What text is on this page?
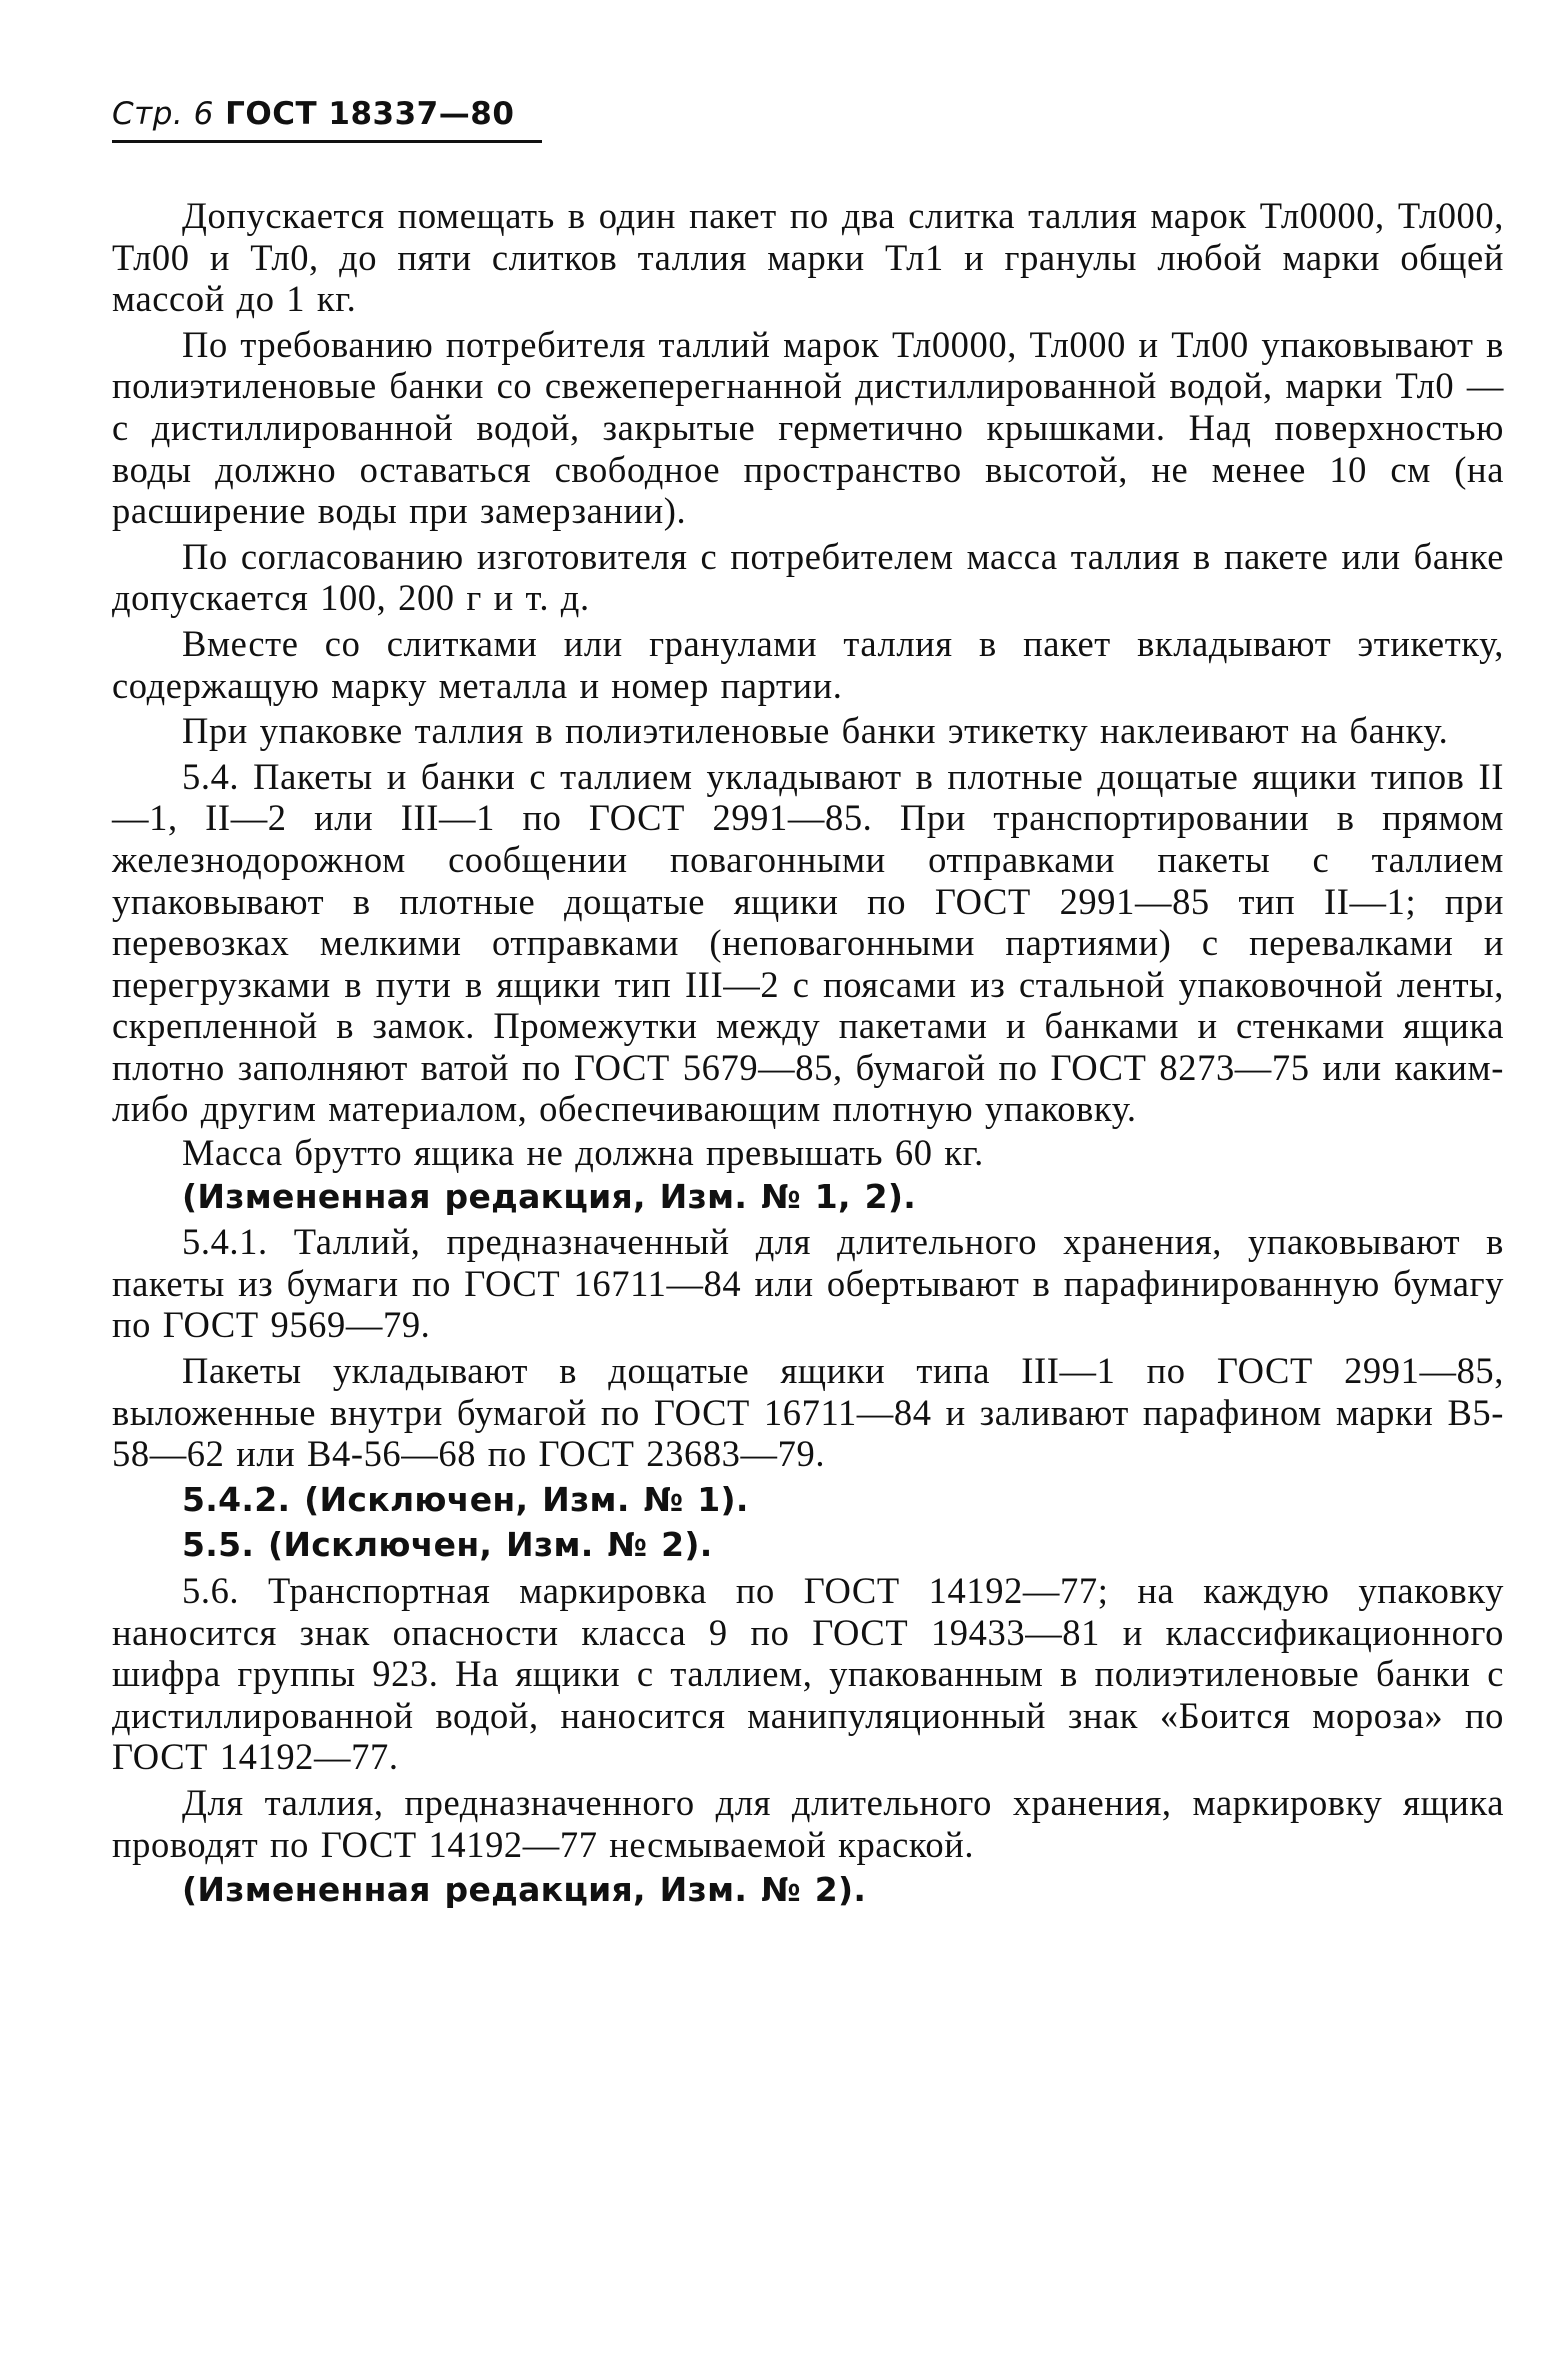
Стр. 6 ГОСТ 18337—80

Допускается помещать в один пакет по два слитка таллия марок Тл0000, Тл000, Тл00 и Тл0, до пяти слитков таллия марки Тл1 и гранулы любой марки общей массой до 1 кг.

По требованию потребителя таллий марок Тл0000, Тл000 и Тл00 упаковывают в полиэтиленовые банки со свежеперегнанной дистиллированной водой, марки Тл0 — с дистиллированной водой, закрытые герметично крышками. Над поверхностью воды должно оставаться свободное пространство высотой, не менее 10 см (на расширение воды при замерзании).

По согласованию изготовителя с потребителем масса таллия в пакете или банке допускается 100, 200 г и т. д.

Вместе со слитками или гранулами таллия в пакет вкладывают этикетку, содержащую марку металла и номер партии.

При упаковке таллия в полиэтиленовые банки этикетку наклеивают на банку.

5.4. Пакеты и банки с таллием укладывают в плотные дощатые ящики типов II—1, II—2 или III—1 по ГОСТ 2991—85. При транспортировании в прямом железнодорожном сообщении повагонными отправками пакеты с таллием упаковывают в плотные дощатые ящики по ГОСТ 2991—85 тип II—1; при перевозках мелкими отправками (неповагонными партиями) с перевалками и перегрузками в пути в ящики тип III—2 с поясами из стальной упаковочной ленты, скрепленной в замок. Промежутки между пакетами и банками и стенками ящика плотно заполняют ватой по ГОСТ 5679—85, бумагой по ГОСТ 8273—75 или каким-либо другим материалом, обеспечивающим плотную упаковку.

Масса брутто ящика не должна превышать 60 кг.

(Измененная редакция, Изм. № 1, 2).

5.4.1. Таллий, предназначенный для длительного хранения, упаковывают в пакеты из бумаги по ГОСТ 16711—84 или обертывают в парафинированную бумагу по ГОСТ 9569—79.

Пакеты укладывают в дощатые ящики типа III—1 по ГОСТ 2991—85, выложенные внутри бумагой по ГОСТ 16711—84 и заливают парафином марки В5-58—62 или В4-56—68 по ГОСТ 23683—79.

5.4.2. (Исключен, Изм. № 1).

5.5. (Исключен, Изм. № 2).

5.6. Транспортная маркировка по ГОСТ 14192—77; на каждую упаковку наносится знак опасности класса 9 по ГОСТ 19433—81 и классификационного шифра группы 923. На ящики с таллием, упакованным в полиэтиленовые банки с дистиллированной водой, наносится манипуляционный знак «Боится мороза» по ГОСТ 14192—77.

Для таллия, предназначенного для длительного хранения, маркировку ящика проводят по ГОСТ 14192—77 несмываемой краской.

(Измененная редакция, Изм. № 2).
